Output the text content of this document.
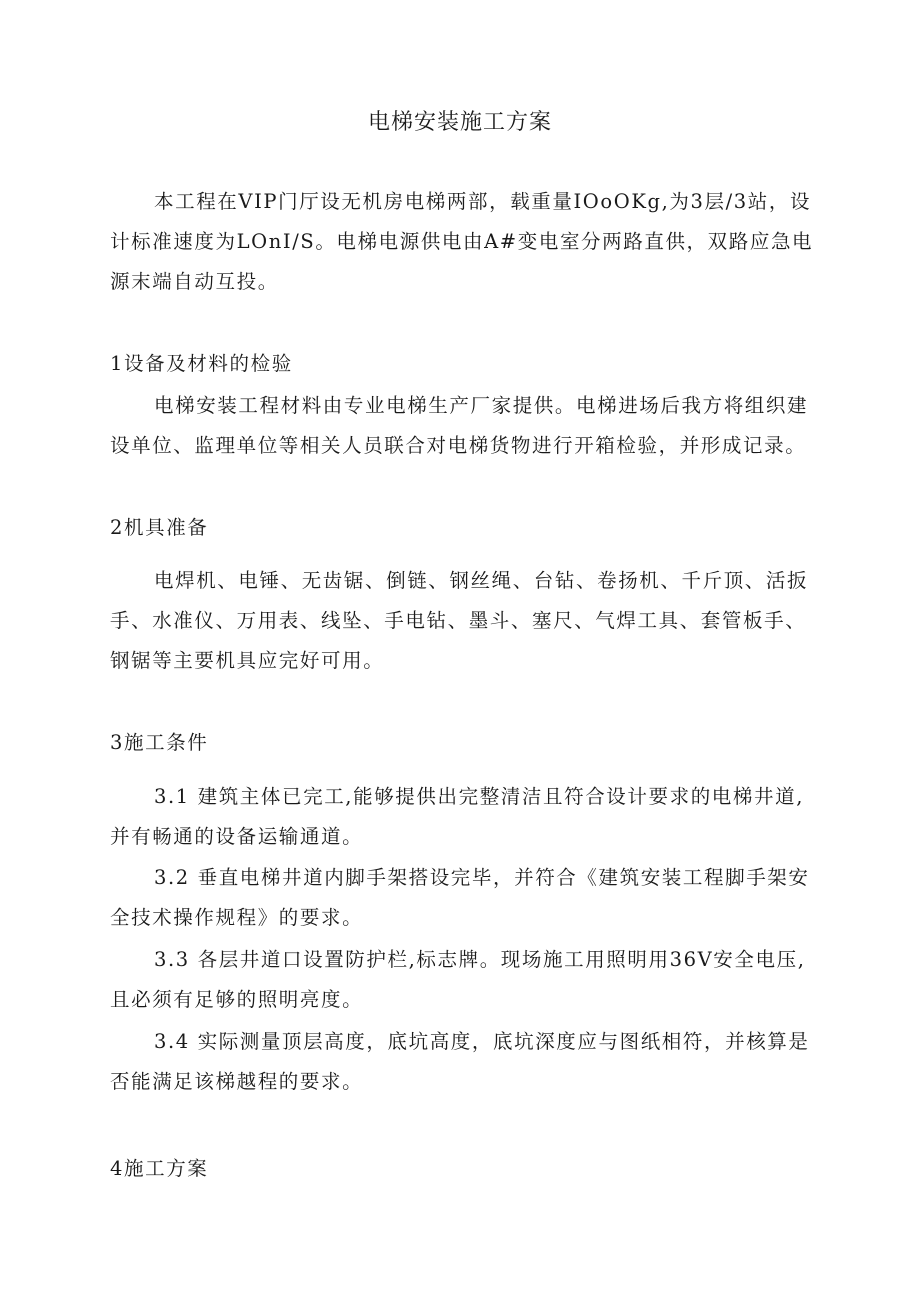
电梯安装施工方案
本工程在VIP门厅设无机房电梯两部，载重量IOoOKg,为3层/3站，设
计标准速度为LOnI/S。电梯电源供电由A#变电室分两路直供，双路应急电
源末端自动互投。
1设备及材料的检验
电梯安装工程材料由专业电梯生产厂家提供。电梯进场后我方将组织建
设单位、监理单位等相关人员联合对电梯货物进行开箱检验，并形成记录。
2机具准备
电焊机、电锤、无齿锯、倒链、钢丝绳、台钻、卷扬机、千斤顶、活扳
手、水准仪、万用表、线坠、手电钻、墨斗、塞尺、气焊工具、套管板手、
钢锯等主要机具应完好可用。
3施工条件
3.1 建筑主体已完工,能够提供出完整清洁且符合设计要求的电梯井道,
并有畅通的设备运输通道。
3.2 垂直电梯井道内脚手架搭设完毕，并符合《建筑安装工程脚手架安
全技术操作规程》的要求。
3.3 各层井道口设置防护栏,标志牌。现场施工用照明用36V安全电压,
且必须有足够的照明亮度。
3.4 实际测量顶层高度，底坑高度，底坑深度应与图纸相符，并核算是
否能满足该梯越程的要求。
4施工方案
